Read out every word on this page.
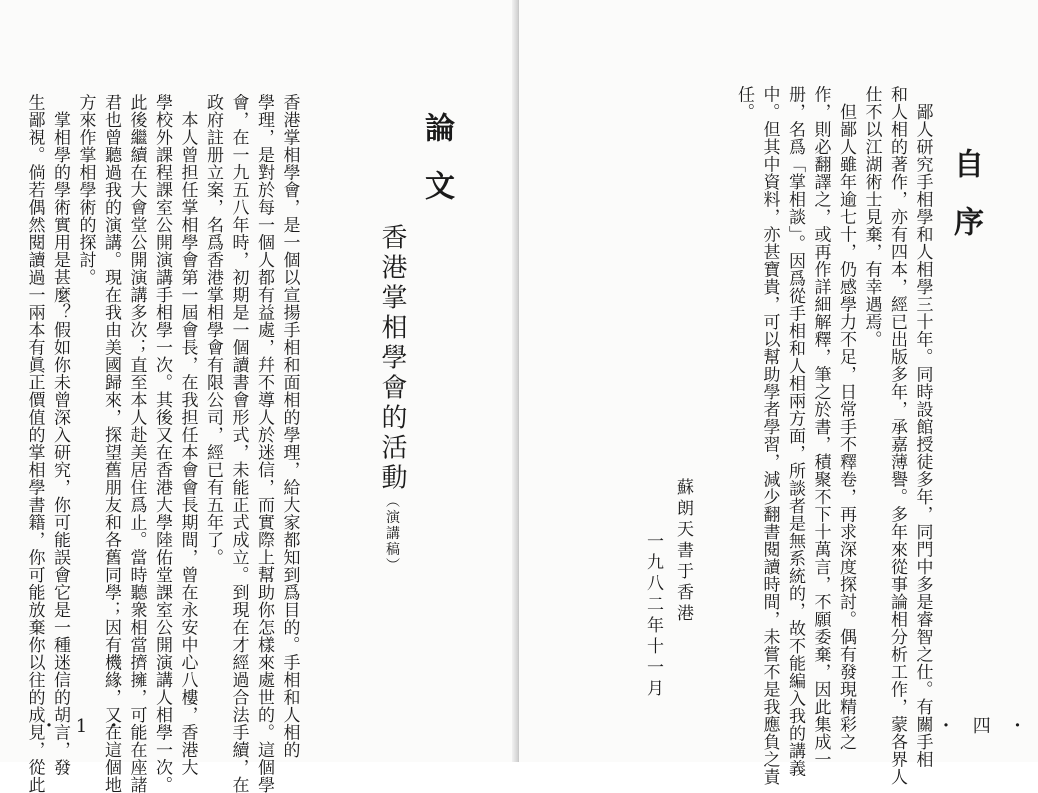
香港掌相學會，是一個以宣揚手相和面相的學理，給大家都知到爲目的。手相和人相的
學理，是對於每一個人都有益處，幷不導人於迷信，而實際上幫助你怎樣來處世的。這個學
會，在一九五八年時，初期是一個讀書會形式，未能正式成立。到現在才經過合法手續，在
政府註册立案，名爲香港掌相學會有限公司，經已有五年了。
　本人曾担任掌相學會第一屆會長，在我担任本會會長期間，曾在永安中心八樓，香港大
學校外課程課室公開演講手相學一次。其後又在香港大學陸佑堂課室公開演講人相學一次。
此後繼續在大會堂公開演講多次；直至本人赴美居住爲止。當時聽衆相當擠擁，可能在座諸
君也曾聽過我的演講。現在我由美國歸來，探望舊朋友和各舊同學；因有機緣，又在這個地
方來作掌相學術的探討。
　掌相學的學術實用是甚麼？假如你未曾深入研究，你可能誤會它是一種迷信的胡言，發
生鄙視。倘若偶然閱讀過一兩本有眞正價值的掌相學書籍，你可能放棄你以往的成見，從此
	香港掌相學會的活動（演講稿）

論文
・ 1 ・
自序

　鄙人研究手相學和人相學三十年。同時設館授徒多年，同門中多是睿智之仕。有關手相
和人相的著作，亦有四本，經已出版多年，承嘉薄譽。多年來從事論相分析工作，蒙各界人
仕不以江湖術士見棄，有幸遇焉。
　但鄙人雖年逾七十，仍感學力不足，日常手不釋卷，再求深度探討。偶有發現精彩之
作，則必翻譯之，或再作詳細解釋，筆之於書，積聚不下十萬言，不願委棄，因此集成一
册，名爲「掌相談」。因爲從手相和人相兩方面，所談者是無系統的，故不能編入我的講義
中。但其中資料，亦甚寶貴，可以幫助學者學習，減少翻書閱讀時間，未嘗不是我應負之責
任。

蘇朗天書于香港
一九八二年十一月
・ 四 ・
